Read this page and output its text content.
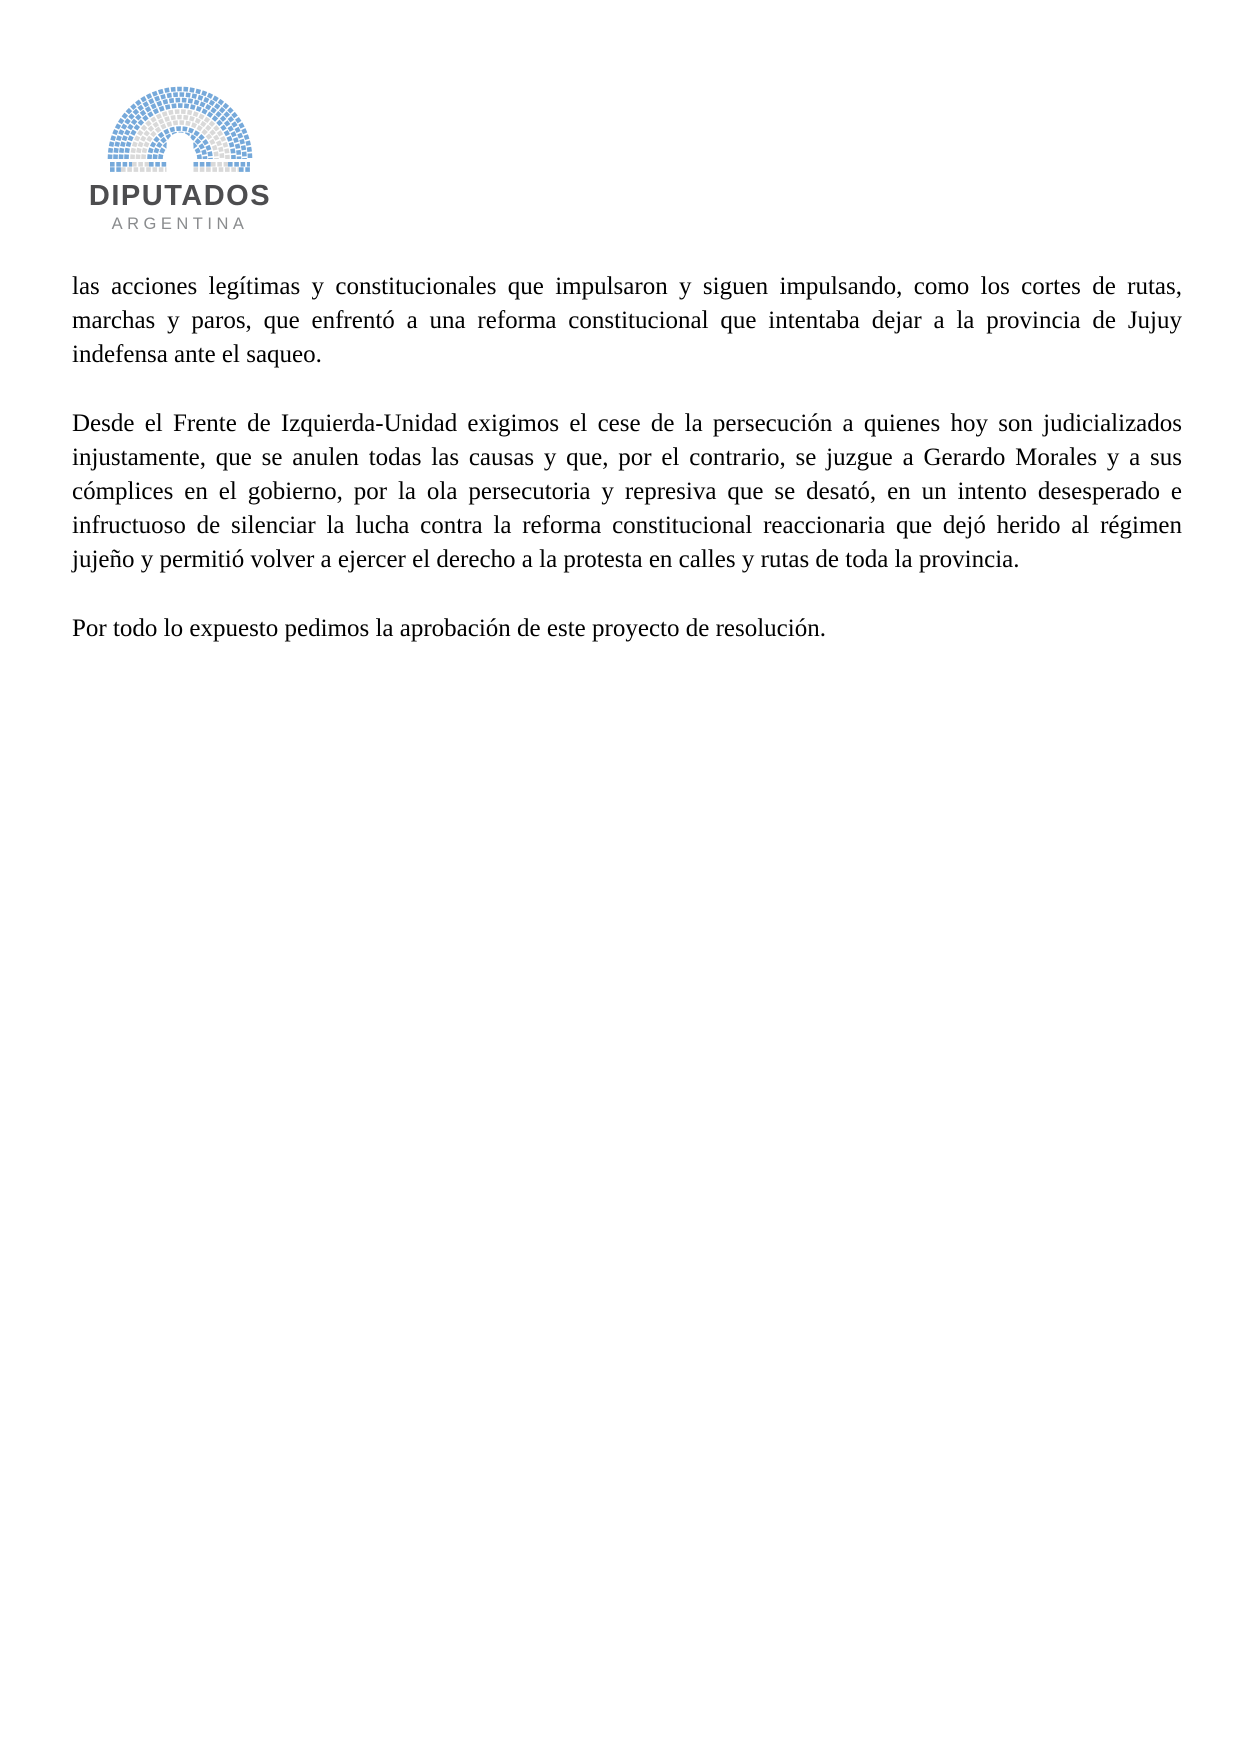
DIPUTADOS
ARGENTINA

las acciones legítimas y constitucionales que impulsaron y siguen impulsando, como los cortes de rutas, marchas y paros, que enfrentó a una reforma constitucional que intentaba dejar a la provincia de Jujuy indefensa ante el saqueo.

Desde el Frente de Izquierda-Unidad exigimos el cese de la persecución a quienes hoy son judicializados injustamente, que se anulen todas las causas y que, por el contrario, se juzgue a Gerardo Morales y a sus cómplices en el gobierno, por la ola persecutoria y represiva que se desató, en un intento desesperado e infructuoso de silenciar la lucha contra la reforma constitucional reaccionaria que dejó herido al régimen jujeño y permitió volver a ejercer el derecho a la protesta en calles y rutas de toda la provincia.

Por todo lo expuesto pedimos la aprobación de este proyecto de resolución.
